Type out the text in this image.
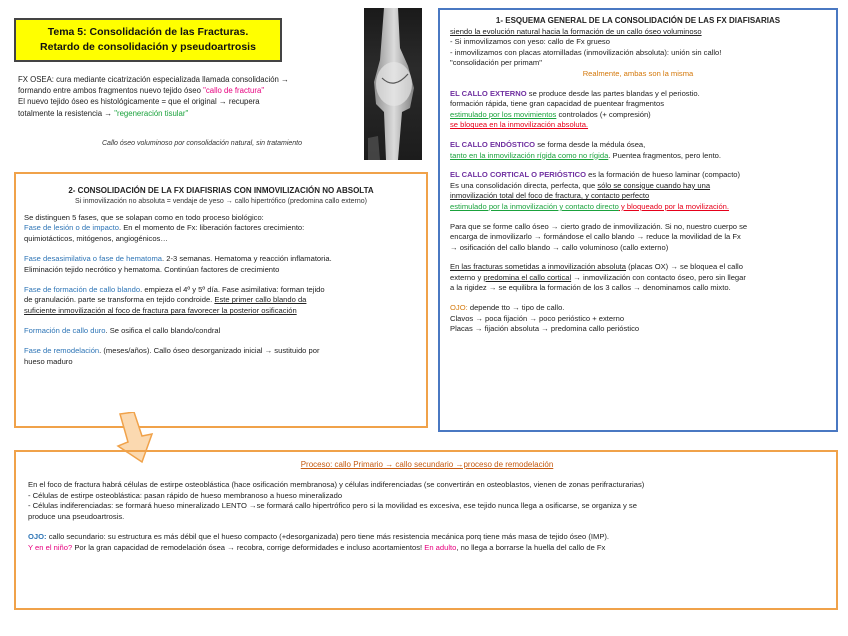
Tema 5: Consolidación de las Fracturas.
Retardo de consolidación y pseudoartrosis
FX OSEA: cura mediante cicatrización especializada llamada consolidación →
formando entre ambos fragmentos nuevo tejido óseo "callo de fractura"
El nuevo tejido óseo es histológicamente = que el original → recupera
totalmente la resistencia → "regeneración tisular"
Callo óseo voluminoso por consolidación natural, sin tratamiento
1- ESQUEMA GENERAL DE LA CONSOLIDACIÓN DE LAS FX DIAFISARIAS
siendo la evolución natural hacia la formación de un callo óseo voluminoso
- Si inmovilizamos con yeso: callo de Fx grueso
- inmovilizamos con placas atornilladas (inmovilización absoluta): unión sin callo!
"consolidación per primam"
Realmente, ambas son la misma
EL CALLO EXTERNO se produce desde las partes blandas y el periostio.
formación rápida, tiene gran capacidad de puentear fragmentos
estimulado por los movimientos controlados (+ compresión)
se bloquea en la inmovilización absoluta.
EL CALLO ENDÓSTICO se forma desde la médula ósea,
tanto en la inmovilización rígida como no rígida. Puentea fragmentos, pero lento.
EL CALLO CORTICAL O PERIÓSTICO es la formación de hueso laminar (compacto)
Es una consolidación directa, perfecta, que sólo se consigue cuando hay una
inmovilización total del foco de fractura, y contacto perfecto
estimulado por la inmovilización y contacto directo y bloqueado por la movilización.
Para que se forme callo óseo → cierto grado de inmovilización. Si no, nuestro cuerpo se
encarga de inmovilizarlo → formándose el callo blando → reduce la movilidad de la Fx
→ osificación del callo blando → callo voluminoso (callo externo)
En las fracturas sometidas a inmovilización absoluta (placas OX) → se bloquea el callo
externo y predomina el callo cortical → inmovilización con contacto óseo, pero sin llegar
a la rigidez → se equilibra la formación de los 3 callos → denominamos callo mixto.
OJO: depende tto → tipo de callo.
Clavos → poca fijación → poco perióstico + externo
Placas → fijación absoluta → predomina callo perióstico
2- CONSOLIDACIÓN DE LA FX DIAFISRIAS CON INMOVILIZACIÓN NO ABSOLTA
Si inmovilización no absoluta = vendaje de yeso → callo hipertrófico (predomina callo externo)
Se distinguen 5 fases, que se solapan como en todo proceso biológico:
Fase de lesión o de impacto. En el momento de Fx: liberación factores crecimiento:
quimiotácticos, mitógenos, angiogénicos…
Fase desasimilativa o fase de hematoma. 2-3 semanas. Hematoma y reacción inflamatoria.
Eliminación tejido necrótico y hematoma. Continúan factores de crecimiento
Fase de formación de callo blando. empieza el 4º y 5º día. Fase asimilativa: forman tejido
de granulación. parte se transforma en tejido condroide. Este primer callo blando da
suficiente inmovilización al foco de fractura para favorecer la posterior osificación
Formación de callo duro. Se osifica el callo blando/condral
Fase de remodelación. (meses/años). Callo óseo desorganizado inicial → sustituido por
hueso maduro
Proceso: callo Primario → callo secundario →proceso de remodelación
En el foco de fractura habrá células de estirpe osteoblástica (hace osificación membranosa) y células indiferenciadas (se convertirán en osteoblastos, vienen de zonas perifracturarias)
- Células de estirpe osteoblástica: pasan rápido de hueso membranoso a hueso mineralizado
- Células indiferenciadas: se formará hueso mineralizado LENTO →se formará callo hipertrófico pero si la movilidad es excesiva, ese tejido nunca llega a osificarse, se organiza y se
produce una pseudoartrosis.
OJO: callo secundario: su estructura es más débil que el hueso compacto (+desorganizada) pero tiene más resistencia mecánica porq tiene más masa de tejido óseo (IMP).
Y en el niño? Por la gran capacidad de remodelación ósea → recobra, corrige deformidades e incluso acortamientos! En adulto, no llega a borrarse la huella del callo de Fx
